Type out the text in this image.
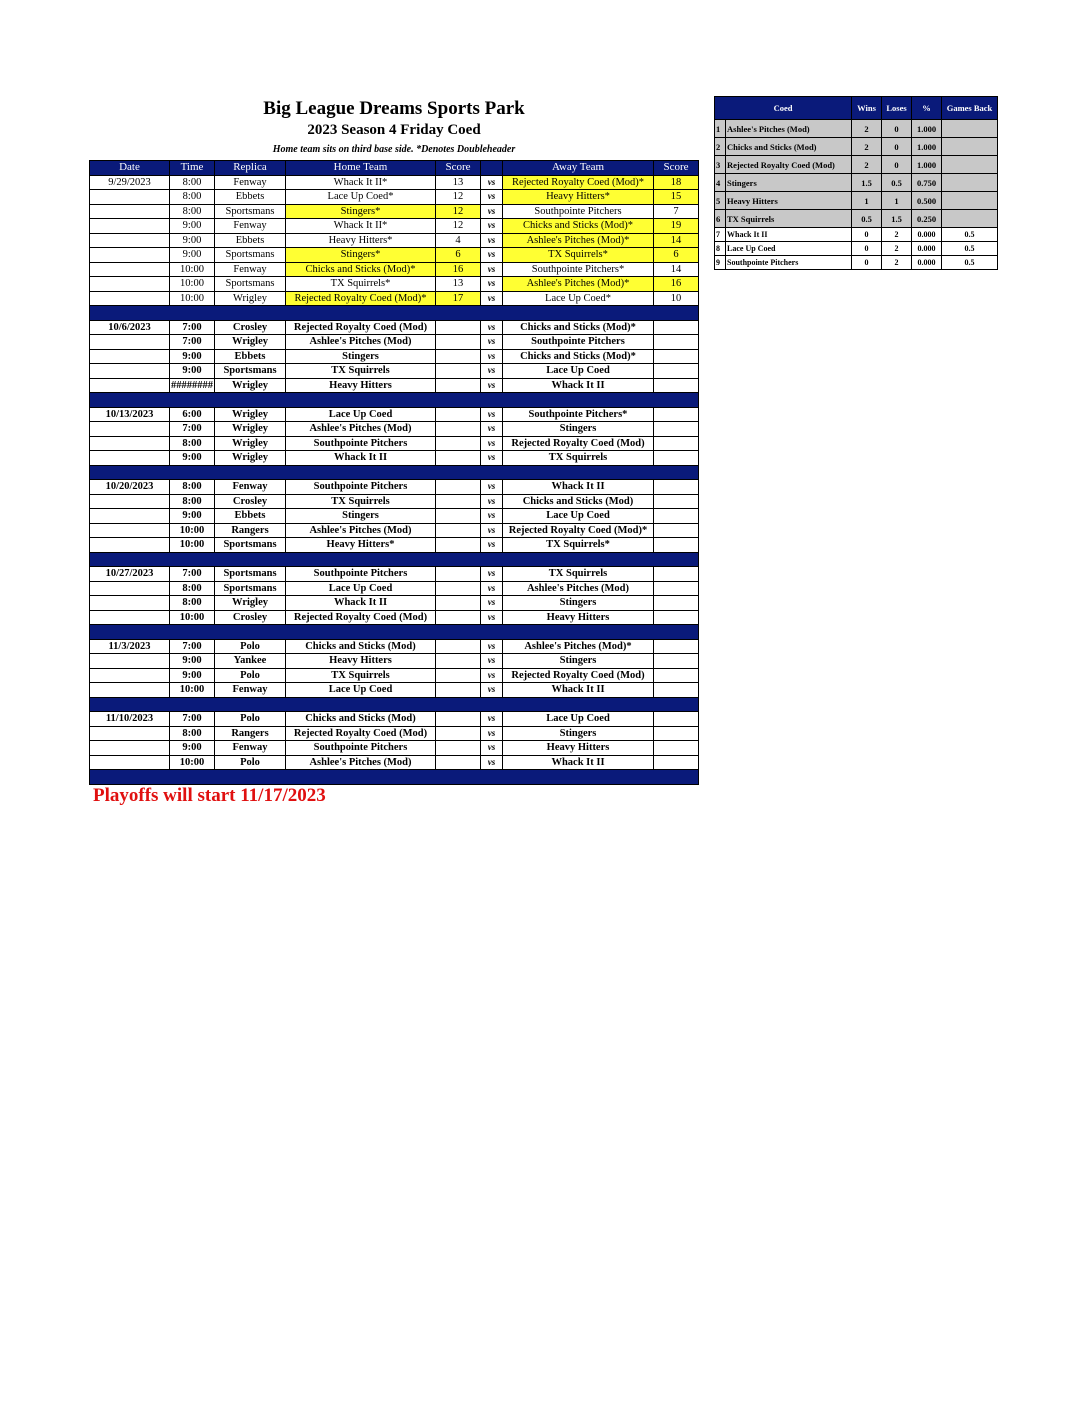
Big League Dreams Sports Park
2023 Season 4 Friday Coed
Home team sits on third base side. *Denotes Doubleheader
Date	Time	Replica	Home Team	Score		Away Team	Score
9/29/2023	8:00	Fenway	Whack It II*	13	vs	Rejected Royalty Coed (Mod)*	18
	8:00	Ebbets	Lace Up Coed*	12	vs	Heavy Hitters*	15
	8:00	Sportsmans	Stingers*	12	vs	Southpointe Pitchers	7
	9:00	Fenway	Whack It II*	12	vs	Chicks and Sticks (Mod)*	19
	9:00	Ebbets	Heavy Hitters*	4	vs	Ashlee's Pitches (Mod)*	14
	9:00	Sportsmans	Stingers*	6	vs	TX Squirrels*	6
	10:00	Fenway	Chicks and Sticks (Mod)*	16	vs	Southpointe Pitchers*	14
	10:00	Sportsmans	TX Squirrels*	13	vs	Ashlee's Pitches (Mod)*	16
	10:00	Wrigley	Rejected Royalty Coed (Mod)*	17	vs	Lace Up Coed*	10

10/6/2023	7:00	Crosley	Rejected Royalty Coed (Mod)		vs	Chicks and Sticks (Mod)*	
	7:00	Wrigley	Ashlee's Pitches (Mod)		vs	Southpointe Pitchers	
	9:00	Ebbets	Stingers		vs	Chicks and Sticks (Mod)*	
	9:00	Sportsmans	TX Squirrels		vs	Lace Up Coed	
	########	Wrigley	Heavy Hitters		vs	Whack It II	

10/13/2023	6:00	Wrigley	Lace Up Coed		vs	Southpointe Pitchers*	
	7:00	Wrigley	Ashlee's Pitches (Mod)		vs	Stingers	
	8:00	Wrigley	Southpointe Pitchers		vs	Rejected Royalty Coed (Mod)	
	9:00	Wrigley	Whack It II		vs	TX Squirrels	

10/20/2023	8:00	Fenway	Southpointe Pitchers		vs	Whack It II	
	8:00	Crosley	TX Squirrels		vs	Chicks and Sticks (Mod)	
	9:00	Ebbets	Stingers		vs	Lace Up Coed	
	10:00	Rangers	Ashlee's Pitches (Mod)		vs	Rejected Royalty Coed (Mod)*	
	10:00	Sportsmans	Heavy Hitters*		vs	TX Squirrels*	

10/27/2023	7:00	Sportsmans	Southpointe Pitchers		vs	TX Squirrels	
	8:00	Sportsmans	Lace Up Coed		vs	Ashlee's Pitches (Mod)	
	8:00	Wrigley	Whack It II		vs	Stingers	
	10:00	Crosley	Rejected Royalty Coed (Mod)		vs	Heavy Hitters	

11/3/2023	7:00	Polo	Chicks and Sticks (Mod)		vs	Ashlee's Pitches (Mod)*	
	9:00	Yankee	Heavy Hitters		vs	Stingers	
	9:00	Polo	TX Squirrels		vs	Rejected Royalty Coed (Mod)	
	10:00	Fenway	Lace Up Coed		vs	Whack It II	

11/10/2023	7:00	Polo	Chicks and Sticks (Mod)		vs	Lace Up Coed	
	8:00	Rangers	Rejected Royalty Coed (Mod)		vs	Stingers	
	9:00	Fenway	Southpointe Pitchers		vs	Heavy Hitters	
	10:00	Polo	Ashlee's Pitches (Mod)		vs	Whack It II	

Coed		Wins	Loses	%	Games Back
1	Ashlee's Pitches (Mod)	2	0	1.000	
2	Chicks and Sticks (Mod)	2	0	1.000	
3	Rejected Royalty Coed (Mod)	2	0	1.000	
4	Stingers	1.5	0.5	0.750	
5	Heavy Hitters	1	1	0.500	
6	TX Squirrels	0.5	1.5	0.250	
7	Whack It II	0	2	0.000	0.5
8	Lace Up Coed	0	2	0.000	0.5
9	Southpointe Pitchers	0	2	0.000	0.5
Playoffs will start 11/17/2023
